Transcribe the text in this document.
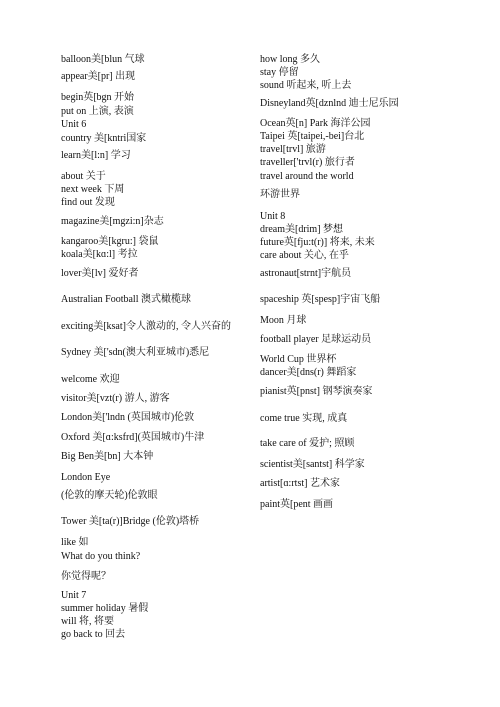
balloon美[blun 气球
appear美[pr] 出现
begin英[bgn 开始
put on 上演, 表演
Unit 6
country 美[kntri国家
learn美[l:n] 学习
about 关于
next week 下周
find out 发现
magazine美[mgzi:n]杂志
kangaroo美[kgru:] 袋鼠
koala美[kɑ:l] 考拉
lover美[lv] 爱好者
Australian Football 澳式橄榄球
exciting美[ksat]令人激动的, 令人兴奋的
Sydney 美['sdn(澳大利亚城市)悉尼
welcome 欢迎
visitor美[vzt(r) 游人, 游客
London美['lndn (英国城市)伦敦
Oxford 美[ɑ:ksfrd](英国城市)牛津
Big Ben美[bn] 大本钟
London Eye
(伦敦的摩天轮)伦敦眼
Tower 美[ta(r)]Bridge (伦敦)塔桥
like 如
What do you think?
你觉得呢？
Unit 7
summer holiday 暑假
will 将, 将要
go back to 回去
how long 多久
stay 停留
sound 听起来, 听上去
Disneyland英[dznlnd 迪士尼乐园
Ocean英[n] Park 海洋公园
Taipei 英[taipei,-bei]台北
travel[trvl] 旅游
traveller['trvl(r) 旅行者
travel around the world
环游世界
Unit 8
dream美[drim] 梦想
future英[fju:t(r)] 将来, 未来
care about 关心, 在乎
astronaut[strnt]宇航员
spaceship 英[spesp]宇宙飞船
Moon 月球
football player 足球运动员
World Cup 世界杯
dancer美[dns(r) 舞蹈家
pianist英[pnst] 钢琴演奏家
come true 实现, 成真
take care of 爱护; 照顾
scientist美[santst] 科学家
artist[ɑ:rtst] 艺术家
paint英[pent 画画
